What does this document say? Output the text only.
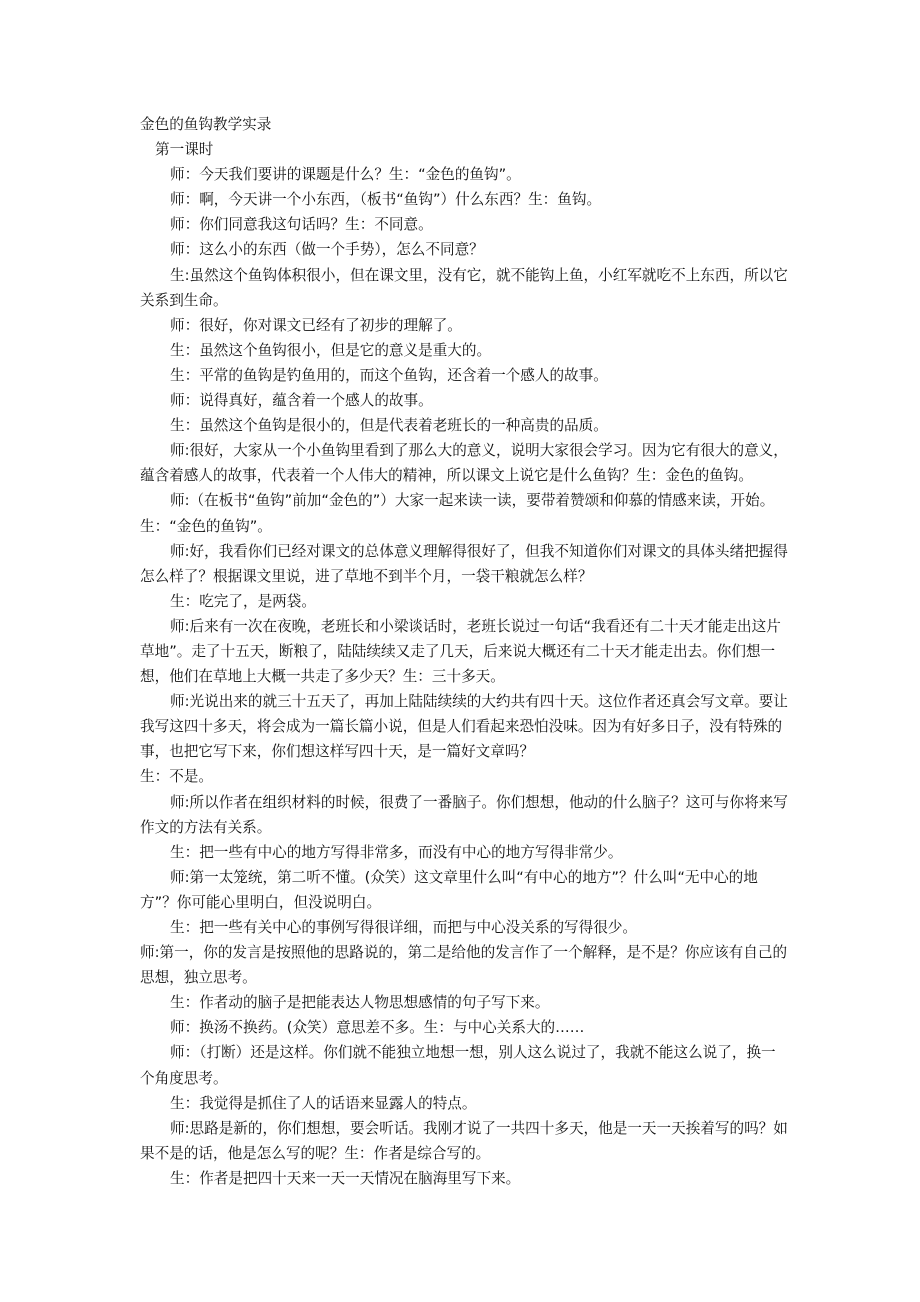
金色的鱼钩教学实录

第一课时

师：今天我们要讲的课题是什么？生：“金色的鱼钩”。

师：啊，今天讲一个小东西，（板书“鱼钩”）什么东西？生：鱼钩。

师：你们同意我这句话吗？生：不同意。

师：这么小的东西（做一个手势），怎么不同意？

生:虽然这个鱼钩体积很小，但在课文里，没有它，就不能钩上鱼，小红军就吃不上东西，所以它关系到生命。

师：很好，你对课文已经有了初步的理解了。

生：虽然这个鱼钩很小，但是它的意义是重大的。

生：平常的鱼钩是钓鱼用的，而这个鱼钩，还含着一个感人的故事。

师：说得真好，蕴含着一个感人的故事。

生：虽然这个鱼钩是很小的，但是代表着老班长的一种高贵的品质。

师:很好，大家从一个小鱼钩里看到了那么大的意义，说明大家很会学习。因为它有很大的意义，蕴含着感人的故事，代表着一个人伟大的精神，所以课文上说它是什么鱼钩？生：金色的鱼钩。

师:（在板书“鱼钩”前加“金色的”）大家一起来读一读，要带着赞颂和仰慕的情感来读，开始。生：“金色的鱼钩”。

师:好，我看你们已经对课文的总体意义理解得很好了，但我不知道你们对课文的具体头绪把握得怎么样了？根据课文里说，进了草地不到半个月，一袋干粮就怎么样？

生：吃完了，是两袋。

师:后来有一次在夜晚，老班长和小梁谈话时，老班长说过一句话“我看还有二十天才能走出这片草地”。走了十五天，断粮了，陆陆续续又走了几天，后来说大概还有二十天才能走出去。你们想一想，他们在草地上大概一共走了多少天？生：三十多天。

师:光说出来的就三十五天了，再加上陆陆续续的大约共有四十天。这位作者还真会写文章。要让我写这四十多天，将会成为一篇长篇小说，但是人们看起来恐怕没味。因为有好多日子，没有特殊的事，也把它写下来，你们想这样写四十天，是一篇好文章吗？

生：不是。

师:所以作者在组织材料的时候，很费了一番脑子。你们想想，他动的什么脑子？这可与你将来写作文的方法有关系。

生：把一些有中心的地方写得非常多，而没有中心的地方写得非常少。

师:第一太笼统，第二听不懂。(众笑）这文章里什么叫“有中心的地方”？什么叫“无中心的地方”？你可能心里明白，但没说明白。

生：把一些有关中心的事例写得很详细，而把与中心没关系的写得很少。

师:第一，你的发言是按照他的思路说的，第二是给他的发言作了一个解释，是不是？你应该有自己的思想，独立思考。

生：作者动的脑子是把能表达人物思想感情的句子写下来。

师：换汤不换药。(众笑）意思差不多。生：与中心关系大的……

师：（打断）还是这样。你们就不能独立地想一想，别人这么说过了，我就不能这么说了，换一个角度思考。

生：我觉得是抓住了人的话语来显露人的特点。

师:思路是新的，你们想想，要会听话。我刚才说了一共四十多天，他是一天一天挨着写的吗？如果不是的话，他是怎么写的呢？生：作者是综合写的。

生：作者是把四十天来一天一天情况在脑海里写下来。
